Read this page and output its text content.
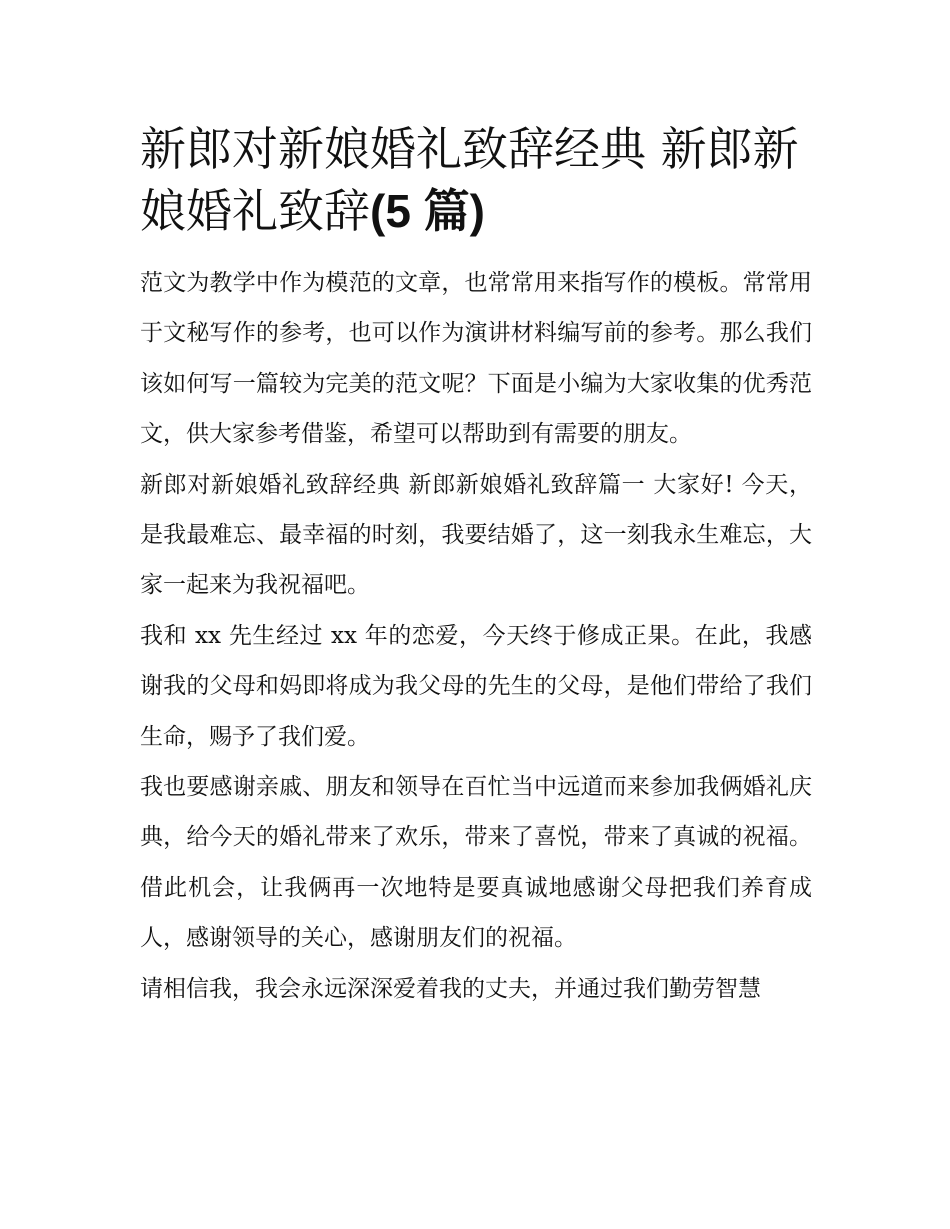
新郎对新娘婚礼致辞经典 新郎新娘婚礼致辞(5 篇)

范文为教学中作为模范的文章，也常常用来指写作的模板。常常用于文秘写作的参考，也可以作为演讲材料编写前的参考。那么我们该如何写一篇较为完美的范文呢？下面是小编为大家收集的优秀范文，供大家参考借鉴，希望可以帮助到有需要的朋友。

新郎对新娘婚礼致辞经典 新郎新娘婚礼致辞篇一 大家好! 今天，是我最难忘、最幸福的时刻，我要结婚了，这一刻我永生难忘，大家一起来为我祝福吧。

我和 xx 先生经过 xx 年的恋爱，今天终于修成正果。在此，我感谢我的父母和妈即将成为我父母的先生的父母，是他们带给了我们生命，赐予了我们爱。

我也要感谢亲戚、朋友和领导在百忙当中远道而来参加我俩婚礼庆典，给今天的婚礼带来了欢乐，带来了喜悦，带来了真诚的祝福。借此机会，让我俩再一次地特是要真诚地感谢父母把我们养育成人，感谢领导的关心，感谢朋友们的祝福。

请相信我，我会永远深深爱着我的丈夫，并通过我们勤劳智慧
